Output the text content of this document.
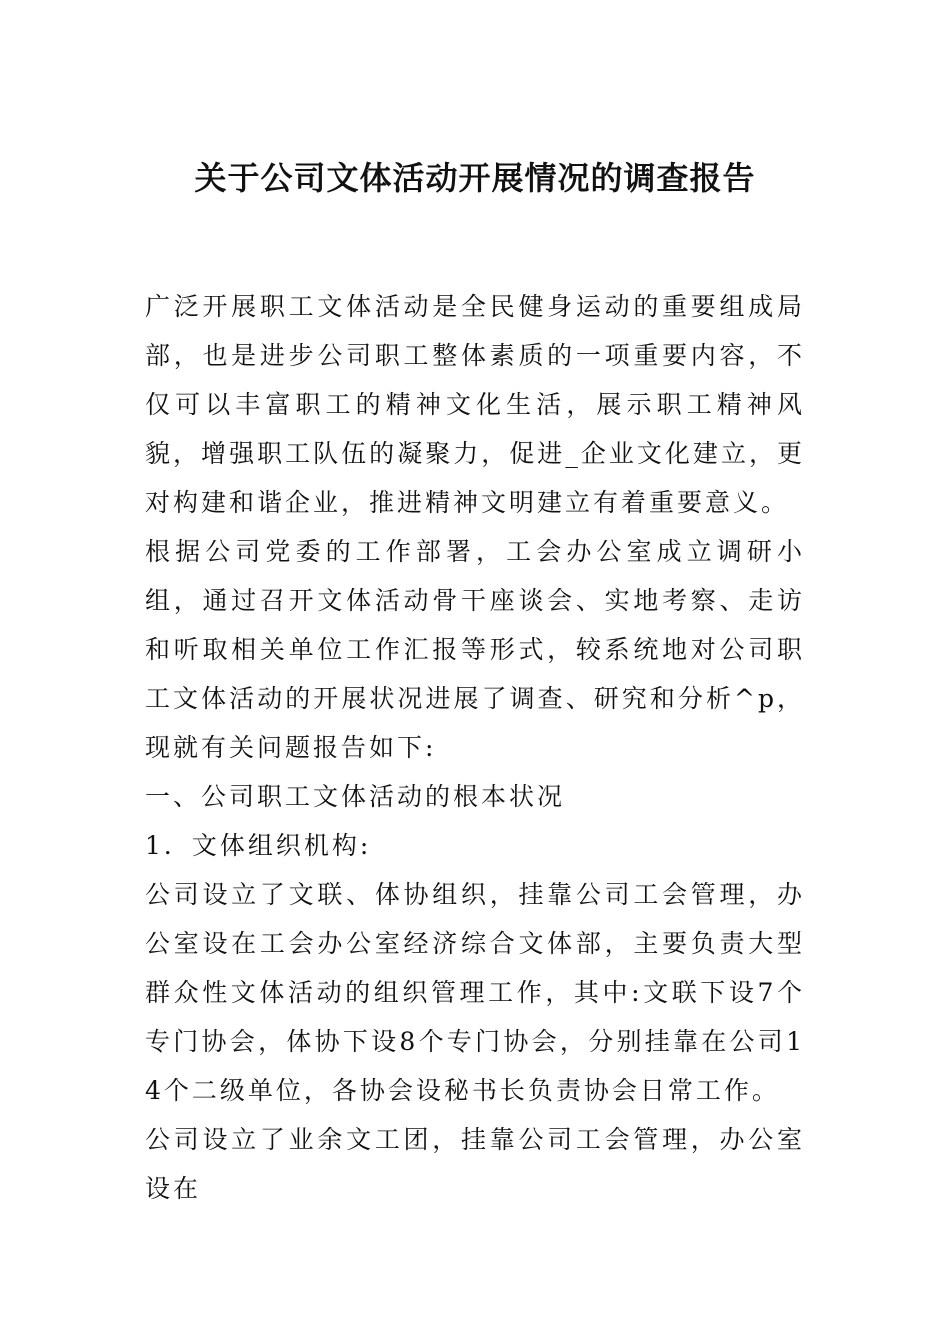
关于公司文体活动开展情况的调查报告

广泛开展职工文体活动是全民健身运动的重要组成局部，也是进步公司职工整体素质的一项重要内容，不仅可以丰富职工的精神文化生活，展示职工精神风貌，增强职工队伍的凝聚力，促进_企业文化建立，更对构建和谐企业，推进精神文明建立有着重要意义。

根据公司党委的工作部署，工会办公室成立调研小组，通过召开文体活动骨干座谈会、实地考察、走访和听取相关单位工作汇报等形式，较系统地对公司职工文体活动的开展状况进展了调查、研究和分析^p，现就有关问题报告如下:

一、公司职工文体活动的根本状况

1．文体组织机构:

公司设立了文联、体协组织，挂靠公司工会管理，办公室设在工会办公室经济综合文体部，主要负责大型群众性文体活动的组织管理工作，其中:文联下设7个专门协会，体协下设8个专门协会，分别挂靠在公司14个二级单位，各协会设秘书长负责协会日常工作。

公司设立了业余文工团，挂靠公司工会管理，办公室设在
